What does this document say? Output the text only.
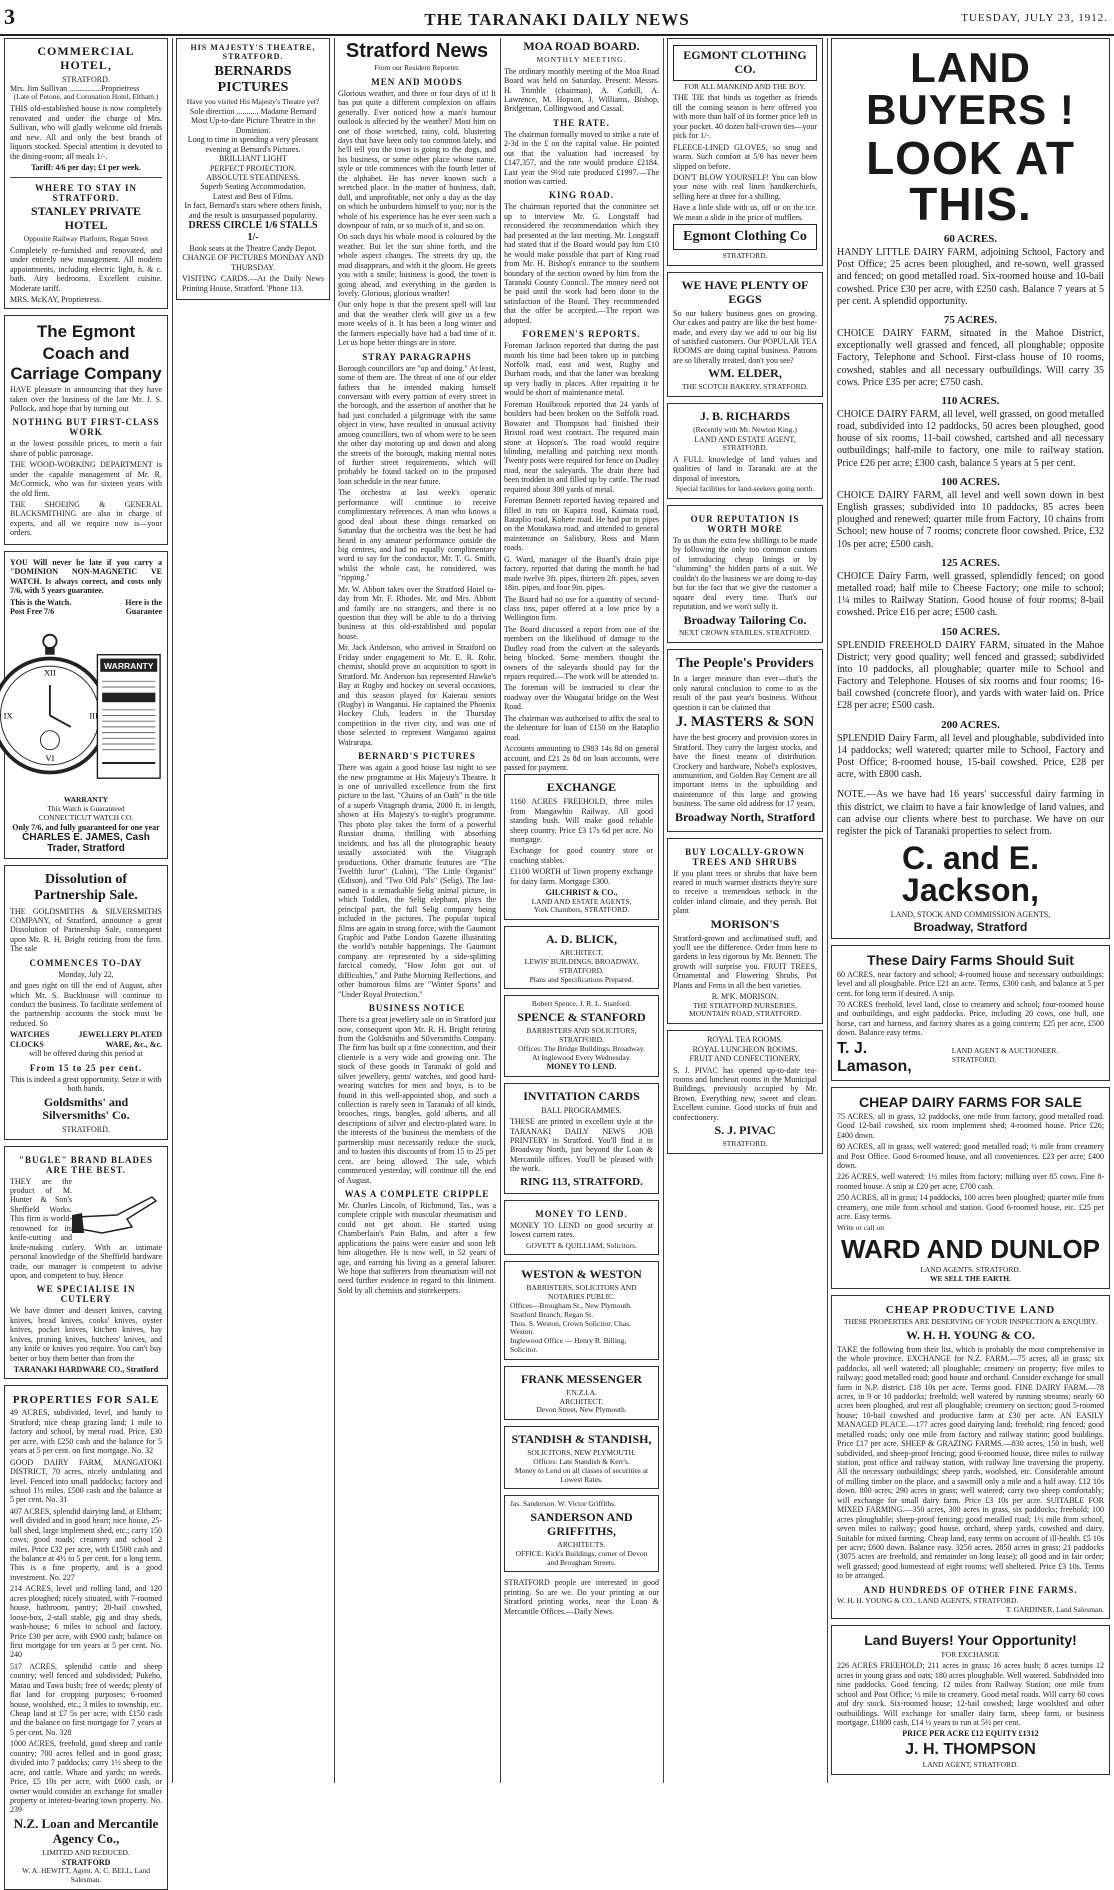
3	THE TARANAKI DAILY NEWS	TUESDAY, JULY 23, 1912.
COMMERCIAL HOTEL,
STRATFORD.
Mrs. Jim Sullivan ................Proprietress
(Late of Petone, and Coronation Hotel, Eltham.)
THIS old-established house is now completely renovated and under the charge of Mrs. Sullivan, who will gladly welcome old friends and new. All and only the best brands of liquors stocked. Special attention is devoted to the dining-room; all meals 1/-.
Tariff: 4/6 per day; £1 per week.
WHERE TO STAY IN STRATFORD.
STANLEY PRIVATE HOTEL
Opposite Railway Platform, Regan Street
Completely re-furnished and renovated, and under entirely new management. All modern appointments, including electric light, h. & c. bath. Airy bedrooms. Excellent cuisine. Moderate tariff.
MRS. McKAY, Proprietress.
The Egmont
Coach and Carriage Company
HAVE pleasure in announcing that they have taken over the business of the late Mr. J. S. Pollock, and hope that by turning out
NOTHING BUT FIRST-CLASS WORK
at the lowest possible prices, to merit a fair share of public patronage.
THE WOOD-WORKING DEPARTMENT is under the capable management of Mr. R. McCormick, who was for sixteen years with the old firm.
THE SHOEING & GENERAL BLACKSMITHING are also in charge of experts, and all we require now is—your orders.
YOU Will never be late if you carry a "DOMINION NON-MAGNETIC VE WATCH. Is always correct, and costs only 7/6, with 5 years guarantee.
This is the Watch. Post Free 7/6
Here is the Guarantee
XII
III
VI
IX
WARRANTY
WARRANTY
This Watch is Guaranteed
CONNECTICUT WATCH CO.
Only 7/6, and fully guaranteed for one year
CHARLES E. JAMES, Cash Trader, Stratford
Dissolution of Partnership Sale.
THE GOLDSMITHS & SILVERSMITHS COMPANY, of Stratford, announce a great Dissolution of Partnership Sale, consequent upon Mr. R. H. Bright retiring from the firm. The sale
COMMENCES TO-DAY
Monday, July 22,
and goes right on till the end of August, after which Mr. S. Buckhouse will continue to conduct the business. To facilitate settlement of the partnership accounts the stock must be reduced. So
WATCHES CLOCKS
JEWELLERY PLATED WARE, &c., &c.
will be offered during this period at
From 15 to 25 per cent.
This is indeed a great opportunity. Seize it with both hands.
Goldsmiths' and Silversmiths' Co.
STRATFORD.
"BUGLE" BRAND BLADES ARE THE BEST.
THEY are the product of M. Hunter & Son's Sheffield Works. This firm is world-renowned for its knife-cutting and knife-making cutlery. With an intimate personal knowledge of the Sheffield hardware trade, our manager is competent to advise upon, and competent to buy. Hence
WE SPECIALISE IN CUTLERY
We have dinner and dessert knives, carving knives, bread knives, cooks' knives, oyster knives, pocket knives, kitchen knives, hay knives, pruning knives, butchers' knives, and any knife or knives you require. You can't buy better or buy them better than from the
TARANAKI HARDWARE CO., Stratford
PROPERTIES FOR SALE
49 ACRES, subdivided, level, and handy to Stratford; nice cheap grazing land; 1 mile to factory and school, by metal road. Price, £30 per acre, with £250 cash and the balance for 5 years at 5 per cent. on first mortgage. No. 32
GOOD DAIRY FARM, MANGATOKI DISTRICT, 70 acres, nicely undulating and level. Fenced into small paddocks; factory and school 1½ miles. £500 cash and the balance at 5 per cent. No. 31
407 ACRES, splendid dairying land, at Eltham; well divided and in good heart; nice house, 25-ball shed, large implement shed, etc.; carry 150 cows; good roads; creamery and school 2 miles. Price £32 per acre, with £1500 cash and the balance at 4½ to 5 per cent. for a long term. This is a fine property, and is a good investment. No. 227
214 ACRES, level and rolling land, and 120 acres ploughed; nicely situated, with 7-roomed house, bathroom, pantry; 20-bail cowshed, loose-box, 2-stall stable, gig and dray sheds, wash-house; 6 miles to school and factory. Price £30 per acre, with £900 cash; balance on first mortgage for ten years at 5 per cent. No. 240
517 ACRES, splendid cattle and sheep country; well fenced and subdivided; Pukeho, Matau and Tawa bush; free of weeds; plenty of flat land for cropping purposes; 6-roomed house, woolshed, etc.; 3 miles to township, etc. Cheap land at £7 5s per acre, with £150 cash and the balance on first mortgage for 7 years at 5 per cent. No. 328
1000 ACRES, freehold, good sheep and cattle country; 700 acres felled and in good grass; divided into 7 paddocks; carry 1½ sheep to the acre, and cattle. Whare and yards; no weeds. Price, £5 10s per acre, with £600 cash, or owner would consider an exchange for smaller property or interest-bearing town property. No. 239
N.Z. Loan and Mercantile Agency Co.,
LIMITED AND REDUCED.
STRATFORD
W. A. HEWITT, Agent. A. C. BELL, Land Salesman.
HIS MAJESTY'S THEATRE, STRATFORD.
BERNARDS PICTURES
Have you visited His Majesty's Theatre yet?
Sole direction ........... Madame Bernard
Most Up-to-date Picture Theatre in the Dominion.
Long to time in spending a very pleasant evening at Bernard's Pictures.
BRILLIANT LIGHT
PERFECT PROJECTION.
ABSOLUTE STEADINESS.
Superb Seating Accommodation.
Latest and Best of Films.
In fact, Bernard's stars where others finish, and the result is unsurpassed popularity.
DRESS CIRCLE 1/6 STALLS 1/-
Book seats at the Theatre Candy Depot.
CHANGE OF PICTURES MONDAY AND THURSDAY.
VISITING CARDS.—At the Daily News Printing House, Stratford. 'Phone 113.
Stratford News
From our Resident Reporter.
MEN AND MOODS
Glorious weather, and three or four days of it! It has put quite a different complexion on affairs generally. Ever noticed how a man's humour outlook is affected by the weather? Most him on one of those wretched, rainy, cold, blustering days that have been only too common lately, and he'll tell you the town is going to the dogs, and his business, or some other place whose name, style or title commences with the fourth letter of the alphabet. He has never known such a wretched place. In the matter of business, daft, dull, and unprofitable, not only a day as the day on which he unburdens himself to you; nor is the whole of his experience has he ever seen such a downpour of rain, or so much of it, and so on.
On such days his whole mood is coloured by the weather. But let the sun shine forth, and the whole aspect changes. The streets dry up, the mud disappears, and with it the gloom. He greets you with a smile; business is good, the town is going ahead, and everything in the garden is lovely. Glorious, glorious weather!
Our only hope is that the present spell will last and that the weather clerk will give us a few more weeks of it. It has been a long winter and the farmers especially have had a bad time of it. Let us hope better things are in store.
STRAY PARAGRAPHS
Borough councillors are "up and doing." At least, some of them are. The threat of one of our elder fathers that he intended making himself conversant with every portion of every street in the borough, and the assertion of another that he had just concluded a pilgrimage with the same object in view, have resulted in unusual activity among councillors, two of whom were to be seen the other day motoring up and down and along the streets of the borough, making mental notes of further street requirements, which will probably be found tacked on to the proposed loan schedule in the near future.
The orchestra at last week's operatic performance will continue to receive complimentary references. A man who knows a good deal about these things remarked on Saturday that the orchestra was the best he had heard in any amateur performance outside the big centres, and had no equally complimentary word to say for the conductor, Mr. T. G. Smith, whilst the whole cast, he considered, was "ripping."
Mr. W. Abbott takes over the Stratford Hotel to-day from Mr. F. Rhodes. Mr. and Mrs. Abbott and family are no strangers, and there is no question that they will be able to do a thriving business at this old-established and popular house.
Mr. Jack Anderson, who arrived in Stratford on Friday under engagement to Mr. E. R. Rohr, chemist, should prove an acquisition to sport in Stratford. Mr. Anderson has represented Hawke's Bay at Rugby and hockey on several occasions, and this season played for Kaierau seniors (Rugby) in Wanganui. He captained the Phoenix Hockey Club, leaders in the Thursday competition in the river city, and was one of those selected to represent Wanganui against Wairarapa.
BERNARD'S PICTURES
There was again a good house last night to see the new programme at His Majesty's Theatre. It is one of unrivalled excellence from the first picture to the last. "Chains of an Oath" is the title of a superb Vitagraph drama, 2000 ft. in length, shown at His Majesty's to-night's programme. This photo play takes the form of a powerful Russian drama, thrilling with absorbing incidents, and has all the photographic beauty usually associated with the Vitagraph productions. Other dramatic features are "The Twelfth Juror" (Lubin), "The Little Organist" (Edison), and "Two Old Pals" (Selig). The last-named is a remarkable Selig animal picture, in which Toddles, the Selig elephant, plays the principal part, the full Selig company being included in the pictures. The popular topical films are again in strong force, with the Gaumont Graphic and Pathe London Gazette illustrating the world's notable happenings. The Gaumont company are represented by a side-splitting farcical comedy, "How John got out of difficulties," and Pathe Morning Reflections, and other humorous films are "Winter Sports" and "Under Royal Protection."
BUSINESS NOTICE
There is a great jewellery sale on in Stratford just now, consequent upon Mr. R. H. Bright retiring from the Goldsmiths and Silversmiths Company. The firm has built up a fine connection, and their clientele is a very wide and growing one. The stock of these goods in Taranaki of gold and silver jewellery, gents' watches, and good hard-wearing watches for men and boys, is to be found in this well-appointed shop, and such a collection is rarely seen in Taranaki of all kinds, brooches, rings, bangles, gold alberts, and all descriptions of silver and electro-plated ware. In the interests of the business the members of the partnership must necessarily reduce the stock, and to hasten this discounts of from 15 to 25 per cent. are being allowed. The sale, which commenced yesterday, will continue till the end of August.
WAS A COMPLETE CRIPPLE
Mr. Charles Lincoln, of Richmond, Tas., was a complete cripple with muscular rheumatism and could not get about. He started using Chamberlain's Pain Balm, and after a few applications the pains were easier and soon left him altogether. He is now well, in 52 years of age, and earning his living as a general laborer. We hope that sufferers from rheumatism will not need further evidence in regard to this liniment. Sold by all chemists and storekeepers.
MOA ROAD BOARD.
MONTHLY MEETING.
The ordinary monthly meeting of the Moa Road Board was held on Saturday. Present: Messrs. H. Trimble (chairman), A. Corkill, A. Lawrence, M. Hopson, J. Williams, Bishop, Bridgeman, Collingwood and Cassal.
THE RATE.
The chairman formally moved to strike a rate of 2-3d in the £ on the capital value. He pointed out that the valuation had increased by £147,357, and the rate would produce £2184. Last year the 9½d rate produced £1997.—The motion was carried.
KING ROAD.
The chairman reported that the committee set up to interview Mr. G. Longstaff had reconsidered the recommendation which they had presented at the last meeting. Mr. Longstaff had stated that if the Board would pay him £10 he would make possible that part of King road from Mr. H. Bishop's entrance to the southern boundary of the section owned by him from the Taranaki County Council. The money need not be paid until the work had been done to the satisfaction of the Board. They recommended that the offer be accepted.—The report was adopted.
FOREMEN'S REPORTS.
Foreman Jackson reported that during the past month his time had been taken up in patching Norfolk road, east and west, Rugby and Durham roads, and that the latter was breaking up very badly in places. After repairing it he would be short of maintenance metal.
Foreman Houlbrook reported that 24 yards of boulders had been broken on the Suffolk road. Bowater and Thompson had finished their Bristol road west contract. The required main stone at Hopson's. The road would require blinding, metalling and patching next month. Twenty posts were required for fence on Dudley road, near the saleyards. The drain there had been trodden in and filled up by cattle. The road required about 300 yards of metal.
Foreman Bennett reported having repaired and filled in ruts on Kapara road, Kaimata road, Rataplio road, Kohete road. He had put in pipes on the Motukawa road, and attended to general maintenance on Salisbury, Ross and Mann roads.
G. Ward, manager of the Board's drain pipe factory, reported that during the month he had made twelve 3ft. pipes, thirteen 2ft. pipes, seven 18in. pipes, and four 9in. pipes.
The Board had no use for a quantity of second-class tins, paper offered at a low price by a Wellington firm.
The Board discussed a report from one of the members on the likelihood of damage to the Dudley road from the culvert at the saleyards being blocked. Some members thought the owners of the saleyards should pay for the repairs required.—The work will be attended to.
The foreman will be instructed to clear the roadway over the Waugatai bridge on the West Road.
The chairman was authorised to affix the seal to the debenture for loan of £150 on the Rataplio road.
Accounts amounting to £983 14s 8d on general account, and £21 2s 8d on loan accounts, were passed for payment.
EXCHANGE
1160 ACRES FREEHOLD, three miles from Mangawhio Railway. All good standing bush. Will make good reliable sheep country. Price £3 17s 6d per acre. No mortgage.
Exchange for good country store or coaching stables.
£1100 WORTH of Town property exchange for dairy farm. Mortgage £300.
GILCHRIST & CO.,
LAND AND ESTATE AGENTS,
York Chambers, STRATFORD.
A. D. BLICK,
ARCHITECT.
LEWIS' BUILDINGS, BROADWAY, STRATFORD.
Plans and Specifications Prepared.
Robert Spence, J. R. L. Stanford.
SPENCE & STANFORD
BARRISTERS AND SOLICITORS,
STRATFORD.
Offices: The Bridge Buildings, Broadway.
At Inglewood Every Wednesday.
MONEY TO LEND.
INVITATION CARDS
BALL PROGRAMMES.
THESE are printed in excellent style at the TARANAKI DAILY NEWS JOB PRINTERY in Stratford. You'll find it in Broadway North, just beyond the Loan & Mercantile offices. You'll be pleased with the work.
RING 113, STRATFORD.
MONEY TO LEND.
MONEY TO LEND on good security at lowest current rates.
GOVETT & QUILLIAM, Solicitors.
WESTON & WESTON
BARRISTERS, SOLICITORS AND NOTARIES PUBLIC.
Offices—Brougham St., New Plymouth.
Stratford Branch, Regan St.
Thos. S. Weston, Crown Solicitor. Chas. Weston.
Inglewood Office — Henry R. Billing, Solicitor.
FRANK MESSENGER
F.N.Z.I.A.
ARCHITECT.
Devon Street, New Plymouth.
STANDISH & STANDISH,
SOLICITORS, NEW PLYMOUTH.
Offices: Late Standish & Kerr's.
Money to Lend on all classes of securities at Lowest Rates.
Jas. Sanderson. W. Victor Griffiths.
SANDERSON AND GRIFFITHS,
ARCHITECTS.
OFFICE: Kirk's Buildings, corner of Devon and Brougham Streets.
STRATFORD people are interested in good printing. So are we. Do your printing at our Stratford printing works, near the Loan & Mercantile Offices.—Daily News.
EGMONT CLOTHING CO.
FOR ALL MANKIND AND THE BOY.
THE TIE that binds us together as friends till the coming season is here offered you with more than half of its former price left in your pocket. 40 dozen half-crown ties—your pick for 1/-.
FLEECE-LINED GLOVES, so snug and warm. Such comfort at 5/6 has never been slipped on before.
DON'T BLOW YOURSELF! You can blow your nose with real linen handkerchiefs, selling here at three for a shilling.
Have a little slide with us, off or on the ice. We mean a slide in the price of mufflers.
Egmont Clothing Co
STRATFORD.
WE HAVE PLENTY OF EGGS
So our bakery business goes on growing. Our cakes and pastry are like the best home-made, and every day we add to our big list of satisfied customers. Our POPULAR TEA ROOMS are doing capital business. Patrons are so liberally treated, don't you see?
WM. ELDER,
THE SCOTCH BAKERY, STRATFORD.
J. B. RICHARDS
(Recently with Mr. Newton King.)
LAND AND ESTATE AGENT,
STRATFORD.
A FULL knowledge of land values and qualities of land in Taranaki are at the disposal of investors.
Special facilities for land-seekers going north.
OUR REPUTATION IS WORTH MORE
To us than the extra few shillings to be made by following the only too common custom of introducing cheap linings or by "slumming" the hidden parts of a suit. We couldn't do the business we are doing to-day but for the fact that we give the customer a square deal every time. That's our reputation, and we won't sully it.
Broadway Tailoring Co.
NEXT CROWN STABLES. STRATFORD.
The People's Providers
In a larger measure than ever—that's the only natural conclusion to come to as the result of the past year's business. Without question it can be claimed that
J. MASTERS & SON
have the best grocery and provision stores in Stratford. They carry the largest stocks, and have the finest means of distribution. Crockery and hardware, Nobel's explosives, ammunition, and Golden Bay Cement are all important items in the upbuilding and maintenance of this large and growing business. The same old address for 17 years,
Broadway North, Stratford
BUY LOCALLY-GROWN TREES AND SHRUBS
If you plant trees or shrubs that have been reared in much warmer districts they're sure to receive a tremendous setback in the colder inland climate, and they perish. But plant
MORISON'S
Stratford-grown and acclimatised stuff, and you'll see the difference. Order from here to gardens in less rigorous by Mr. Bennett. The growth will surprise you. FRUIT TREES, Ornamental and Flowering Shrubs, Pot Plants and Ferns in all the best varieties.
R. M'K. MORISON.
THE STRATFORD NURSERIES, MOUNTAIN ROAD, STRATFORD.
ROYAL TEA ROOMS.
ROYAL LUNCHEON ROOMS.
FRUIT AND CONFECTIONERY.
S. J. PIVAC has opened up-to-date tea-rooms and luncheon rooms in the Municipal Buildings, previously occupied by Mr. Brown. Everything new, sweet and clean. Excellent cuisine. Good stocks of fruit and confectionery.
S. J. PIVAC
STRATFORD.
LAND BUYERS !
LOOK AT THIS.
60 ACRES.
HANDY LITTLE DAIRY FARM, adjoining School, Factory and Post Office; 25 acres been ploughed, and re-sown, well grassed and fenced; on good metalled road. Six-roomed house and 10-bail cowshed. Price £30 per acre, with £250 cash. Balance 7 years at 5 per cent. A splendid opportunity.
75 ACRES.
CHOICE DAIRY FARM, situated in the Mahoe District, exceptionally well grassed and fenced, all ploughable; opposite Factory, Telephone and School. First-class house of 10 rooms, cowshed, stables and all necessary outbuildings. Will carry 35 cows. Price £35 per acre; £750 cash.
110 ACRES.
CHOICE DAIRY FARM, all level, well grassed, on good metalled road, subdivided into 12 paddocks, 50 acres been ploughed, good house of six rooms, 11-bail cowshed, cartshed and all necessary outbuildings; half-mile to factory, one mile to railway station. Price £26 per acre; £300 cash, balance 5 years at 5 per cent.
100 ACRES.
CHOICE DAIRY FARM, all level and well sown down in best English grasses; subdivided into 10 paddocks, 85 acres been ploughed and renewed; quarter mile from Factory, 10 chains from School; new house of 7 rooms; concrete floor cowshed. Price, £32 10s per acre; £500 cash.
125 ACRES.
CHOICE Dairy Farm, well grassed, splendidly fenced; on good metalled road; half mile to Cheese Factory; one mile to school; 1¼ miles to Railway Station. Good house of four rooms; 8-bail cowshed. Price £16 per acre; £500 cash.
150 ACRES.
SPLENDID FREEHOLD DAIRY FARM, situated in the Mahoe District; very good quality; well fenced and grassed; subdivided into 10 paddocks, all ploughable; quarter mile to School and Factory and Telephone. Houses of six rooms and four rooms; 16-bail cowshed (concrete floor), and yards with water laid on. Price £28 per acre; £500 cash.
200 ACRES.
SPLENDID Dairy Farm, all level and ploughable, subdivided into 14 paddocks; well watered; quarter mile to School, Factory and Post Office; 8-roomed house, 15-bail cowshed. Price, £28 per acre, with £800 cash.
NOTE.—As we have had 16 years' successful dairy farming in this district, we claim to have a fair knowledge of land values, and can advise our clients where best to purchase. We have on our register the pick of Taranaki properties to select from.
C. and E. Jackson,
LAND, STOCK AND COMMISSION AGENTS,
Broadway, Stratford
These Dairy Farms Should Suit
60 ACRES, near factory and school; 4-roomed house and necessary outbuildings; level and all ploughable. Price £21 an acre. Terms, £300 cash, and balance at 5 per cent. for long term if desired. A snip.
70 ACRES freehold, level land, close to creamery and school; four-roomed house and outbuildings, and eight paddocks. Price, including 20 cows, one bull, one horse, cart and harness, and factory shares as a going concern; £25 per acre, £500 down. Balance easy terms.
T. J. Lamason,
LAND AGENT & AUCTIONEER. STRATFORD.
CHEAP DAIRY FARMS FOR SALE
75 ACRES, all in grass, 12 paddocks, one mile from factory, good metalled road. Good 12-bail cowshed, six room implement shed; 4-roomed house. Price £26; £400 down.
80 ACRES, all in grass, well watered; good metalled road; ½ mile from creamery and Post Office. Good 6-roomed house, and all conveniences. £23 per acre; £400 down.
226 ACRES, well watered; 1½ miles from factory; milking over 85 cows. Fine 8-roomed house. A snip at £20 per acre; £700 cash.
250 ACRES, all in grass; 14 paddocks, 100 acres been ploughed; quarter mile from creamery, one mile from school and station. Good 6-roomed house, etc. £25 per acre. Easy terms.
Write or call on
WARD AND DUNLOP
LAND AGENTS. STRATFORD.
WE SELL THE EARTH.
CHEAP PRODUCTIVE LAND
THESE PROPERTIES ARE DESERVING OF YOUR INSPECTION & ENQUIRY.
W. H. H. YOUNG & CO.
TAKE the following from their list, which is probably the most comprehensive in the whole province. EXCHANGE for N.Z. FARM.—75 acres, all in grass; six paddocks, all well watered; all ploughable; creamery on property; five miles to railway; good metalled road; good house and orchard. Consider exchange for small farm in N.P. district. £18 10s per acre. Terms good. FINE DAIRY FARM.—78 acres, in 9 or 10 paddocks; freehold; well watered by running streams; nearly 60 acres been ploughed, and rest all ploughable; creamery on section; good 5-roomed house; 10-bail cowshed and productive farm at £30 per acre. AN EASILY MANAGED PLACE.—177 acres good dairying land; freehold; ring fenced; good metalled roads; only one mile from factory and railway station; good buildings. Price £17 per acre. SHEEP & GRAZING FARMS.—830 acres, 150 in bush, well subdivided, and sheep-proof fencing; good 6-roomed house, three miles to railway station, post office and railway station, with railway line traversing the property. All the necessary outbuildings; sheep yards, woolshed, etc. Considerable amount of milling timber on the place, and a sawmill only a mile and a half away. £12 10s down. 800 acres; 290 acres in grass; well watered; carry two sheep comfortably; will exchange for small dairy farm. Price £3 10s per acre. SUITABLE FOR MIXED FARMING.—350 acres, 300 acres in grass, six paddocks; freehold; 100 acres ploughable; sheep-proof fencing; good metalled road; 1½ mile from school, seven miles to railway; good house, orchard, sheep yards, cowshed and dairy. Suitable for mixed farming. Cheap land, easy terms on account of ill-health. £5 10s per acre; £600 down. Balance easy. 3250 acres, 2850 acres in grass; 21 paddocks (3075 acres are freehold, and remainder on long lease); all good and in fair order; well grassed; good homestead of eight rooms; well sheltered. Price £3 10s. Terms to be arranged.
AND HUNDREDS OF OTHER FINE FARMS.
W. H. H. YOUNG & CO., LAND AGENTS, STRATFORD.
T. GARDINER, Land Salesman.
Land Buyers! Your Opportunity!
FOR EXCHANGE
226 ACRES FREEHOLD; 211 acres in grass; 16 acres bush; 8 acres turnips 12 acres in young grass and oats; 180 acres ploughable. Well watered. Subdivided into nine paddocks. Good fencing. 12 miles from Railway Station; one mile from school and Post Office; ½ mile to creamery. Good metal roads. Will carry 60 cows and dry stock. Six-roomed house; 12-bail cowshed; large woolshed and other outbuildings. Will exchange for smaller dairy farm, sheep farm, or business mortgage. £1800 cash, £14 ½ years to run at 5½ per cent.
PRICE PER ACRE £12 EQUITY £1312
J. H. THOMPSON
LAND AGENT, STRATFORD.
